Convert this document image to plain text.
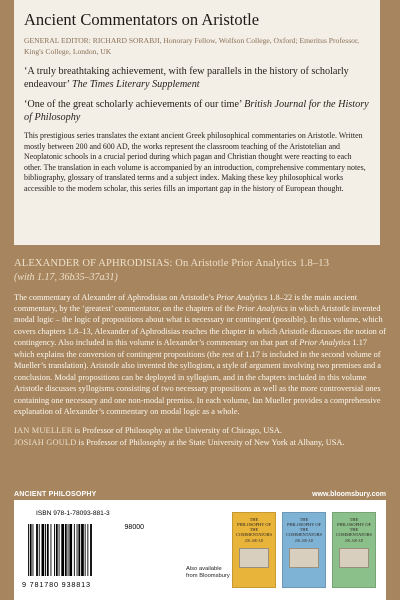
Ancient Commentators on Aristotle
GENERAL EDITOR: RICHARD SORABJI, Honorary Fellow, Wolfson College, Oxford; Emeritus Professor, King's College, London, UK
‘A truly breathtaking achievement, with few parallels in the history of scholarly endeavour’ The Times Literary Supplement
‘One of the great scholarly achievements of our time’ British Journal for the History of Philosophy
This prestigious series translates the extant ancient Greek philosophical commentaries on Aristotle. Written mostly between 200 and 600 AD, the works represent the classroom teaching of the Aristotelian and Neoplatonic schools in a crucial period during which pagan and Christian thought were reacting to each other. The translation in each volume is accompanied by an introduction, comprehensive commentary notes, bibliography, glossary of translated terms and a subject index. Making these key philosophical works accessible to the modern scholar, this series fills an important gap in the history of European thought.
ALEXANDER OF APHRODISIAS: On Aristotle Prior Analytics 1.8–13
(with 1.17, 36b35–37a31)
The commentary of Alexander of Aphrodisias on Aristotle’s Prior Analytics 1.8–22 is the main ancient commentary, by the ‘greatest’ commentator, on the chapters of the Prior Analytics in which Aristotle invented modal logic – the logic of propositions about what is necessary or contingent (possible). In this volume, which covers chapters 1.8–13, Alexander of Aphrodisias reaches the chapter in which Aristotle discusses the notion of contingency. Also included in this volume is Alexander’s commentary on that part of Prior Analytics 1.17 which explains the conversion of contingent propositions (the rest of 1.17 is included in the second volume of Mueller’s translation). Aristotle also invented the syllogism, a style of argument involving two premises and a conclusion. Modal propositions can be deployed in syllogism, and in the chapters included in this volume Aristotle discusses syllogisms consisting of two necessary propositions as well as the more controversial ones containing one necessary and one non-modal premiss. In each volume, Ian Mueller provides a comprehensive explanation of Alexander’s commentary on modal logic as a whole.
IAN MUELLER is Professor of Philosophy at the University of Chicago, USA.
JOSIAH GOULD is Professor of Philosophy at the State University of New York at Albany, USA.
ANCIENT PHILOSOPHY	www.bloomsbury.com
ISBN 978-1-78093-881-3
98000
9 781780 938813
Also available
from Bloomsbury
THE PHILOSOPHY OF THE COMMENTATORS
200–600 AD
THE PHILOSOPHY OF THE COMMENTATORS
200–600 AD
THE PHILOSOPHY OF THE COMMENTATORS
200–600 AD
